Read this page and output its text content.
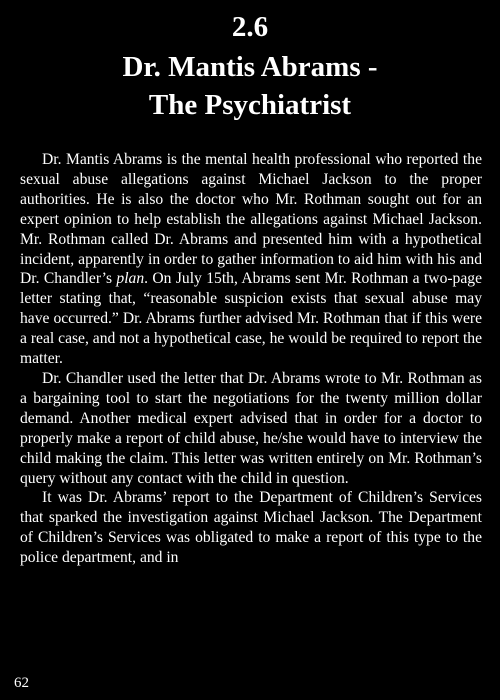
2.6
Dr. Mantis Abrams -
The Psychiatrist

Dr. Mantis Abrams is the mental health professional who reported the sexual abuse allegations against Michael Jackson to the proper authorities. He is also the doctor who Mr. Rothman sought out for an expert opinion to help establish the allegations against Michael Jackson. Mr. Rothman called Dr. Abrams and presented him with a hypothetical incident, apparently in order to gather information to aid him with his and Dr. Chandler’s plan. On July 15th, Abrams sent Mr. Rothman a two-page letter stating that, “reasonable suspicion exists that sexual abuse may have occurred.” Dr. Abrams further advised Mr. Rothman that if this were a real case, and not a hypothetical case, he would be required to report the matter.

Dr. Chandler used the letter that Dr. Abrams wrote to Mr. Rothman as a bargaining tool to start the negotiations for the twenty million dollar demand. Another medical expert advised that in order for a doctor to properly make a report of child abuse, he/she would have to interview the child making the claim. This letter was written entirely on Mr. Rothman’s query without any contact with the child in question.

It was Dr. Abrams’ report to the Department of Children’s Services that sparked the investigation against Michael Jackson. The Department of Children’s Services was obligated to make a report of this type to the police department, and in

62
